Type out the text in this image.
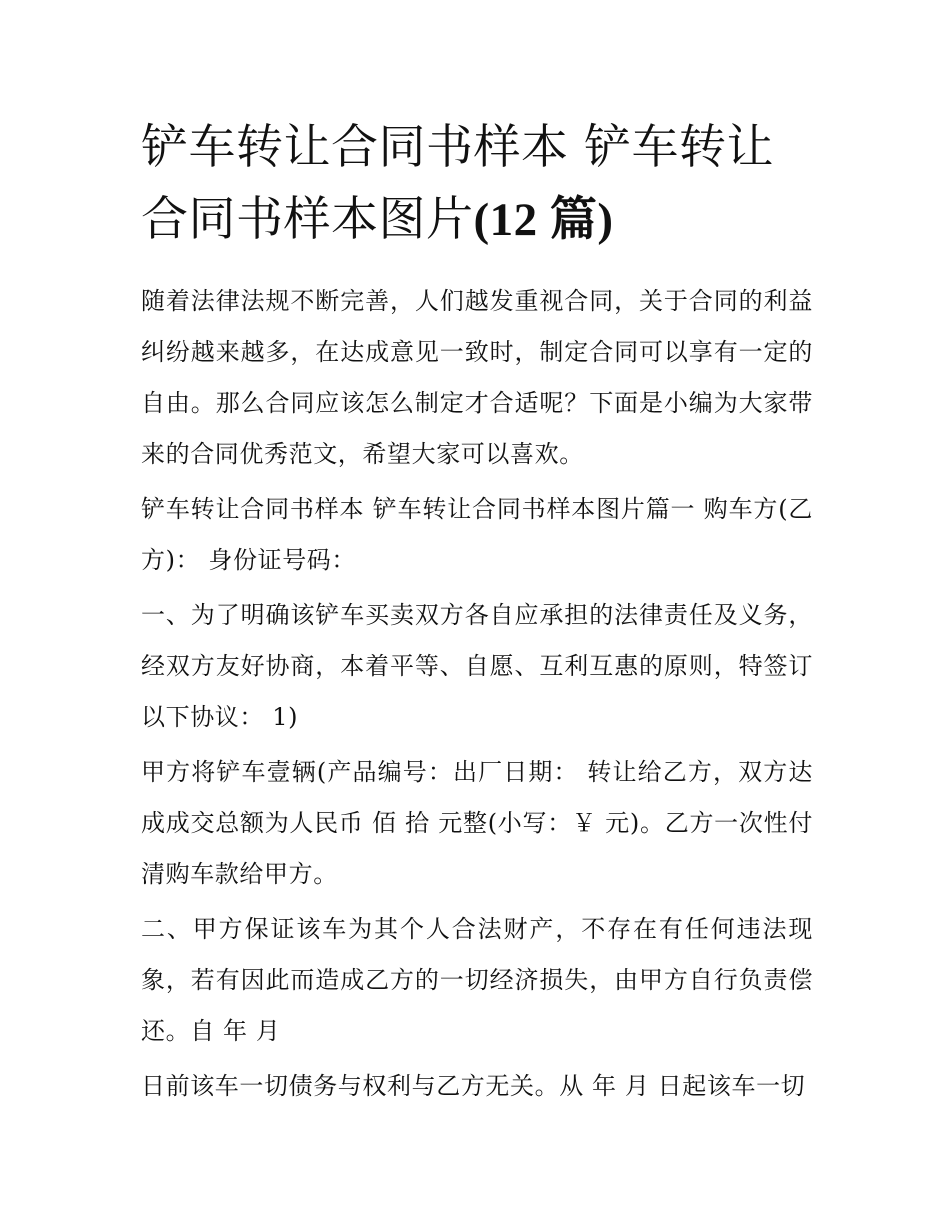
铲车转让合同书样本 铲车转让合同书样本图片(12 篇)

随着法律法规不断完善，人们越发重视合同，关于合同的利益纠纷越来越多，在达成意见一致时，制定合同可以享有一定的自由。那么合同应该怎么制定才合适呢？下面是小编为大家带来的合同优秀范文，希望大家可以喜欢。

铲车转让合同书样本 铲车转让合同书样本图片篇一 购车方(乙方)： 身份证号码：

一、为了明确该铲车买卖双方各自应承担的法律责任及义务，经双方友好协商，本着平等、自愿、互利互惠的原则，特签订以下协议： 1)

甲方将铲车壹辆(产品编号：出厂日期： 转让给乙方，双方达成成交总额为人民币 佰 拾 元整(小写：￥ 元)。乙方一次性付清购车款给甲方。

二、甲方保证该车为其个人合法财产，不存在有任何违法现象，若有因此而造成乙方的一切经济损失，由甲方自行负责偿还。自 年 月

日前该车一切债务与权利与乙方无关。从 年 月 日起该车一切
